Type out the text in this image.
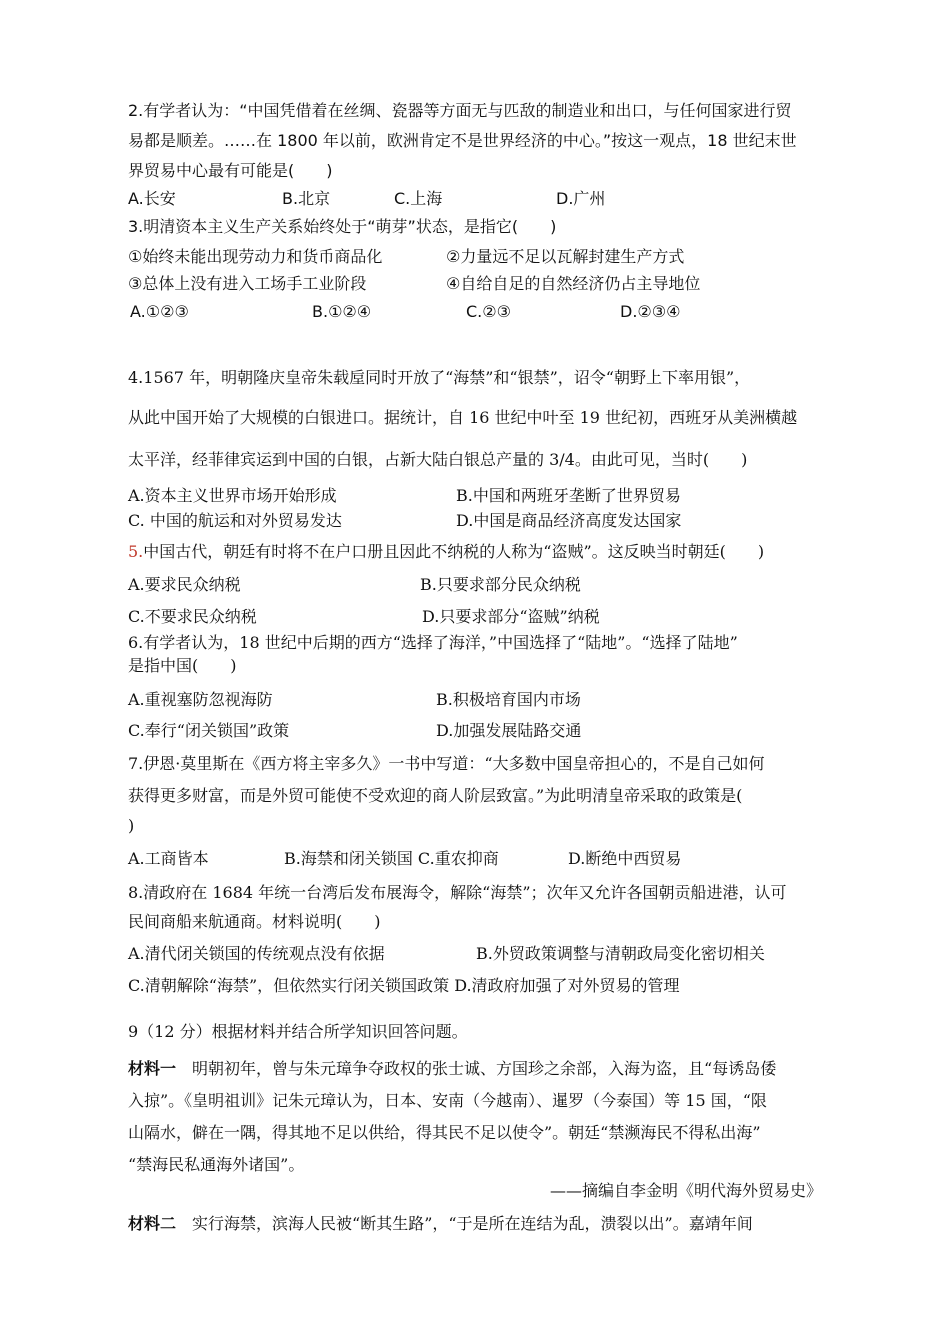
2.有学者认为：“中国凭借着在丝绸、瓷器等方面无与匹敌的制造业和出口，与任何国家进行贸
易都是顺差。……在 1800 年以前，欧洲肯定不是世界经济的中心。”按这一观点，18 世纪末世
界贸易中心最有可能是(　　)
A.长安	B.北京	C.上海	D.广州
3.明清资本主义生产关系始终处于“萌芽”状态，是指它(　　)
①始终未能出现劳动力和货币商品化	②力量远不足以瓦解封建生产方式
③总体上没有进入工场手工业阶段	④自给自足的自然经济仍占主导地位
A.①②③	B.①②④	C.②③	D.②③④
4.1567 年，明朝隆庆皇帝朱载垕同时开放了“海禁”和“银禁”，诏令“朝野上下率用银”，
从此中国开始了大规模的白银进口。据统计，自 16 世纪中叶至 19 世纪初，西班牙从美洲横越
太平洋，经菲律宾运到中国的白银，占新大陆白银总产量的 3/4。由此可见，当时(　　)
A.资本主义世界市场开始形成	B.中国和两班牙垄断了世界贸易
C. 中国的航运和对外贸易发达	D.中国是商品经济高度发达国家
5.中国古代，朝廷有时将不在户口册且因此不纳税的人称为“盗贼”。这反映当时朝廷(　　)
A.要求民众纳税	B.只要求部分民众纳税
C.不要求民众纳税	D.只要求部分“盗贼”纳税
6.有学者认为，18 世纪中后期的西方“选择了海洋，”中国选择了“陆地”。“选择了陆地”
是指中国(　　)
A.重视塞防忽视海防	B.积极培育国内市场
C.奉行“闭关锁国”政策	D.加强发展陆路交通
7.伊恩·莫里斯在《西方将主宰多久》一书中写道：“大多数中国皇帝担心的，不是自己如何
获得更多财富，而是外贸可能使不受欢迎的商人阶层致富。”为此明清皇帝采取的政策是(
)
A.工商皆本	B.海禁和闭关锁国 C.重农抑商	D.断绝中西贸易
8.清政府在 1684 年统一台湾后发布展海令，解除“海禁”；次年又允许各国朝贡船进港，认可
民间商船来航通商。材料说明(　　)
A.清代闭关锁国的传统观点没有依据	B.外贸政策调整与清朝政局变化密切相关
C.清朝解除“海禁”，但依然实行闭关锁国政策 D.清政府加强了对外贸易的管理
9（12 分）根据材料并结合所学知识回答问题。
材料一　明朝初年，曾与朱元璋争夺政权的张士诚、方国珍之余部，入海为盗，且“每诱岛倭
入掠”。《皇明祖训》记朱元璋认为，日本、安南（今越南）、暹罗（今泰国）等 15 国，“限
山隔水，僻在一隅，得其地不足以供给，得其民不足以使令”。朝廷“禁濒海民不得私出海”
“禁海民私通海外诸国”。
——摘编自李金明《明代海外贸易史》
材料二　实行海禁，滨海人民被“断其生路”，“于是所在连结为乱，溃裂以出”。嘉靖年间
